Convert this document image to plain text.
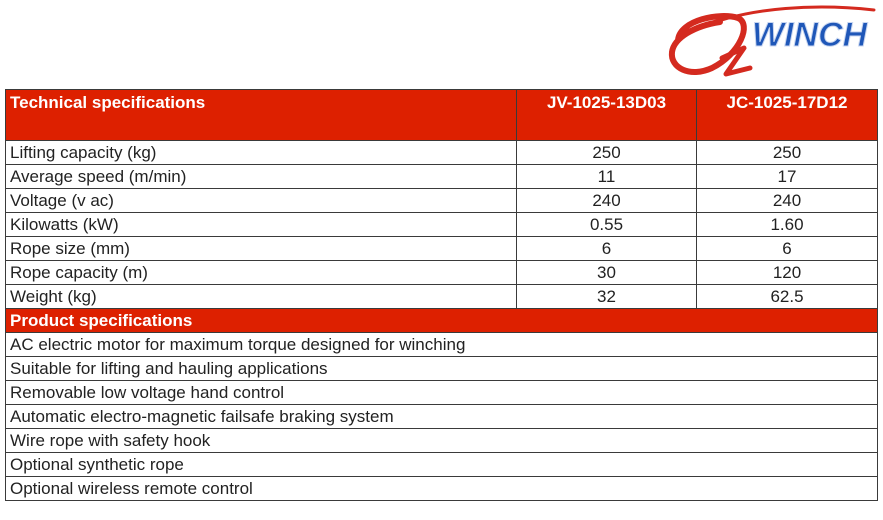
WINCH
Technical specifications	JV-1025-13D03	JC-1025-17D12
Lifting capacity (kg)	250	250
Average speed (m/min)	11	17
Voltage (v ac)	240	240
Kilowatts (kW)	0.55	1.60
Rope size (mm)	6	6
Rope capacity (m)	30	120
Weight (kg)	32	62.5
Product specifications		
AC electric motor for maximum torque designed for winching		
Suitable for lifting and hauling applications		
Removable low voltage hand control		
Automatic electro-magnetic failsafe braking system		
Wire rope with safety hook		
Optional synthetic rope		
Optional wireless remote control		
